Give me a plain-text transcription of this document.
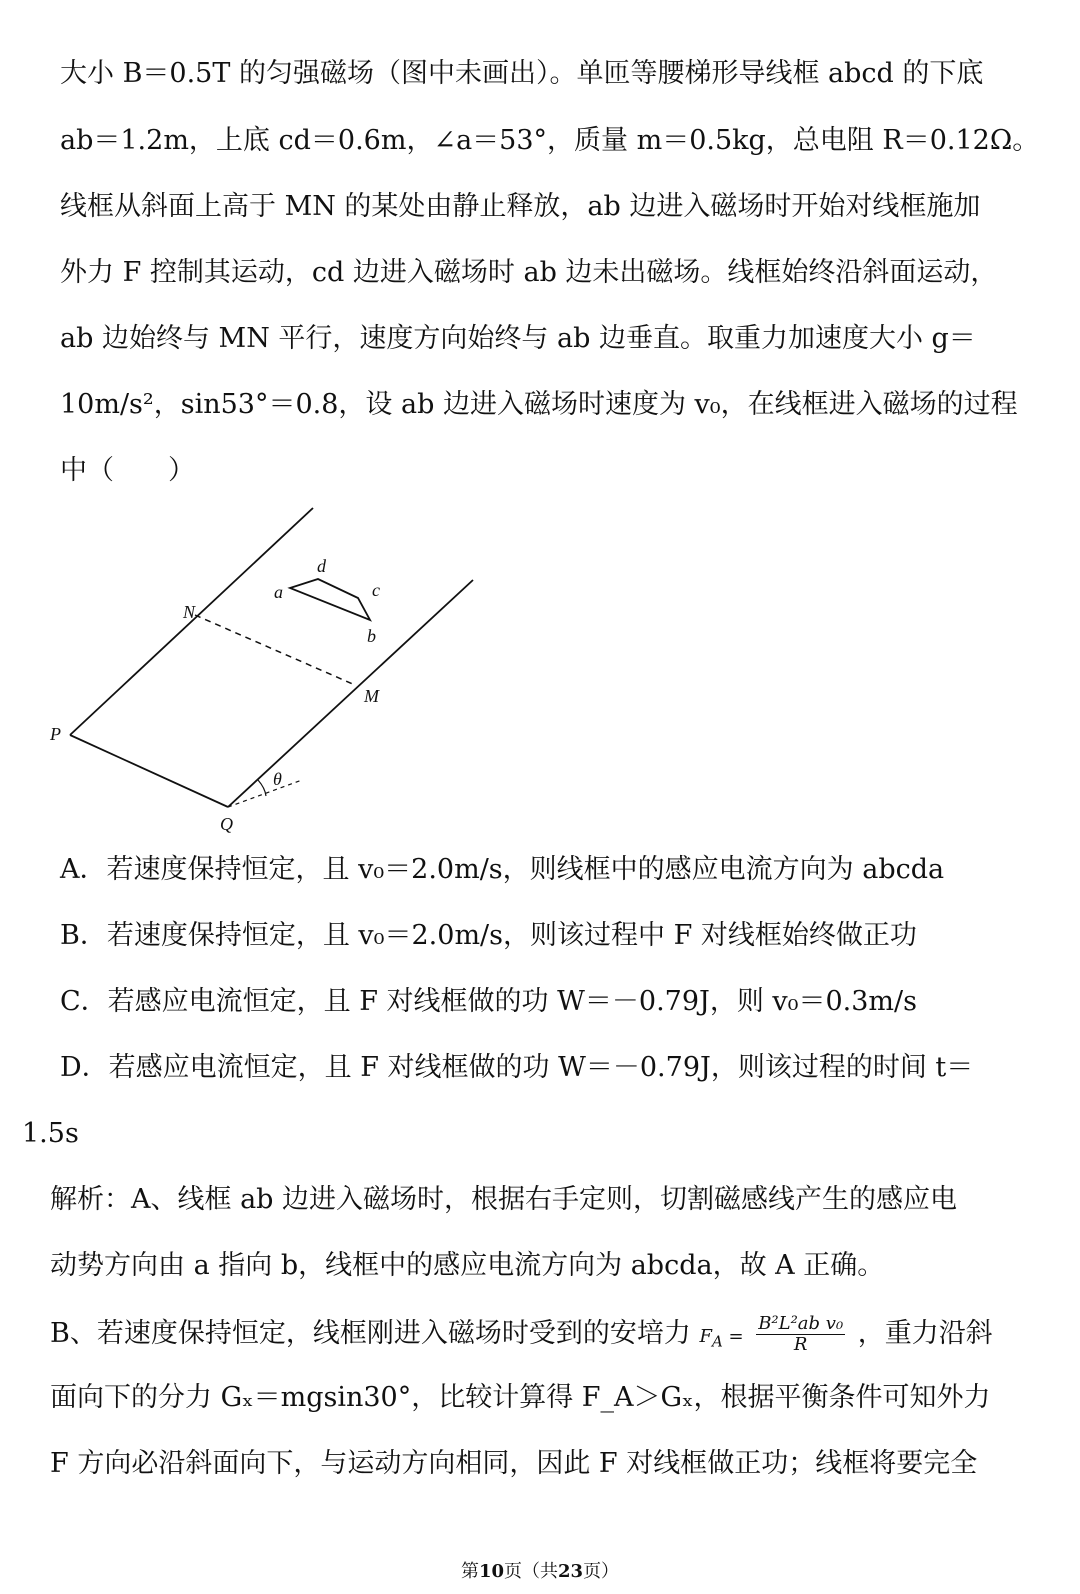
大小 B＝0.5T 的匀强磁场（图中未画出）。单匝等腰梯形导线框 abcd 的下底
ab＝1.2m，上底 cd＝0.6m，∠a＝53°，质量 m＝0.5kg，总电阻 R＝0.12Ω。
线框从斜面上高于 MN 的某处由静止释放，ab 边进入磁场时开始对线框施加
外力 F 控制其运动，cd 边进入磁场时 ab 边未出磁场。线框始终沿斜面运动，
ab 边始终与 MN 平行，速度方向始终与 ab 边垂直。取重力加速度大小 g＝
10m/s²，sin53°＝0.8，设 ab 边进入磁场时速度为 v₀，在线框进入磁场的过程
中（　　）
N
M
P
Q
a
b
c
d
θ
A．若速度保持恒定，且 v₀＝2.0m/s，则线框中的感应电流方向为 abcda
B．若速度保持恒定，且 v₀＝2.0m/s，则该过程中 F 对线框始终做正功
C．若感应电流恒定，且 F 对线框做的功 W＝－0.79J，则 v₀＝0.3m/s
D．若感应电流恒定，且 F 对线框做的功 W＝－0.79J，则该过程的时间 t＝
1.5s
解析：A、线框 ab 边进入磁场时，根据右手定则，切割磁感线产生的感应电
动势方向由 a 指向 b，线框中的感应电流方向为 abcda，故 A 正确。
B、若速度保持恒定，线框刚进入磁场时受到的安培力 $F_A = \frac{\text{B²L²ab v₀}}{R}$ ，重力沿斜
面向下的分力 Gₓ＝mgsin30°，比较计算得 F_A＞Gₓ，根据平衡条件可知外力
F 方向必沿斜面向下，与运动方向相同，因此 F 对线框做正功；线框将要完全
第10页（共23页）
